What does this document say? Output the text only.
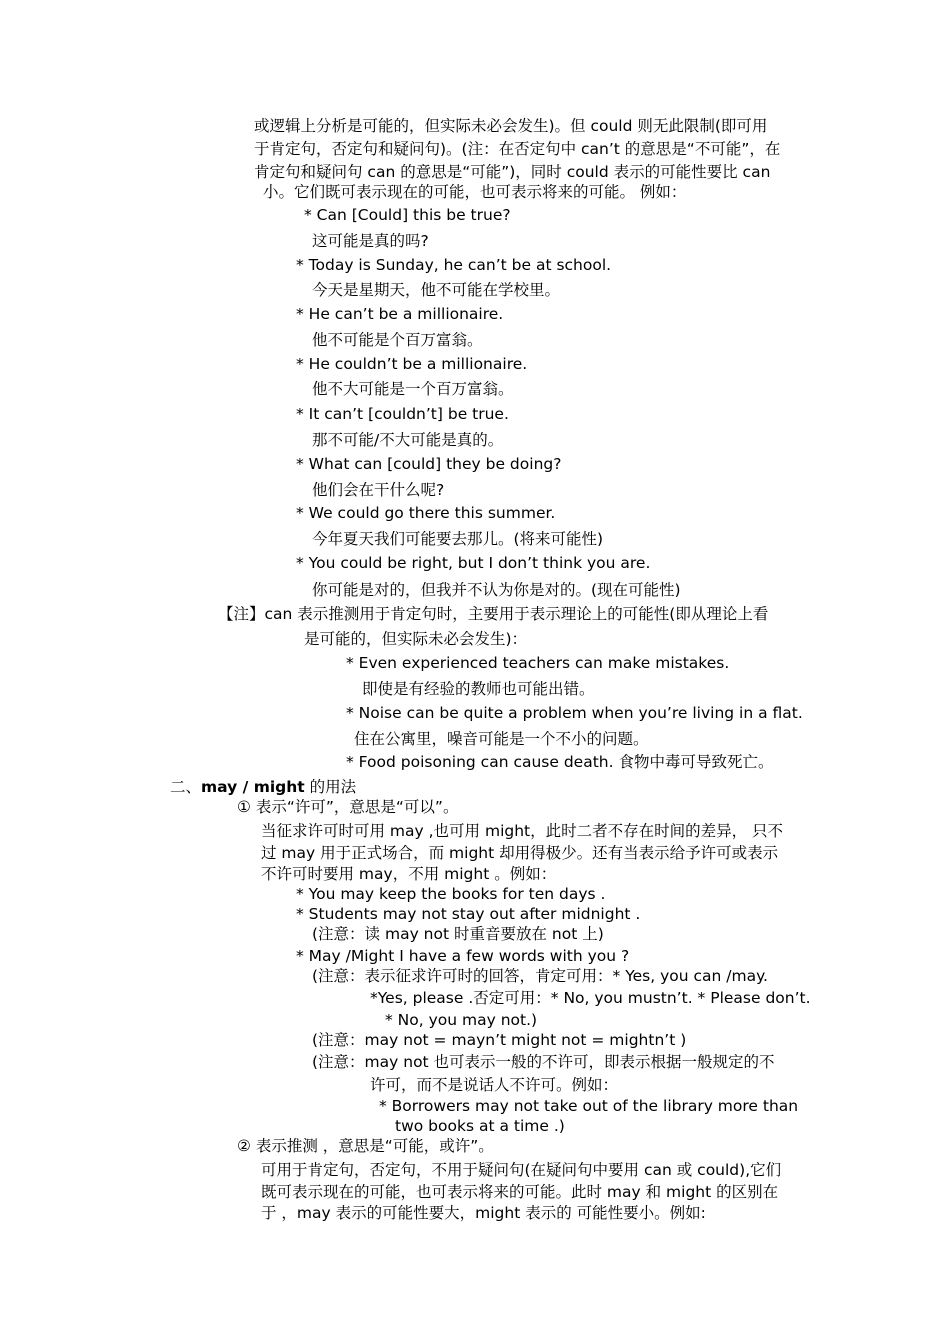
或逻辑上分析是可能的，但实际未必会发生)。但 could 则无此限制(即可用
于肯定句，否定句和疑问句)。(注：在否定句中 can’t 的意思是“不可能”，在
肯定句和疑问句 can 的意思是“可能”)，同时 could 表示的可能性要比 can
小。它们既可表示现在的可能，也可表示将来的可能。 例如：
* Can [Could] this be true?
这可能是真的吗?
* Today is Sunday, he can’t be at school.
今天是星期天，他不可能在学校里。
* He can’t be a millionaire.
他不可能是个百万富翁。
* He couldn’t be a millionaire.
他不大可能是一个百万富翁。
* It can’t [couldn’t] be true.
那不可能/不大可能是真的。
* What can [could] they be doing?
他们会在干什么呢?
* We could go there this summer.
今年夏天我们可能要去那儿。(将来可能性)
* You could be right, but I don’t think you are.
你可能是对的，但我并不认为你是对的。(现在可能性)
【注】can 表示推测用于肯定句时，主要用于表示理论上的可能性(即从理论上看
是可能的，但实际未必会发生)：
* Even experienced teachers can make mistakes.
即使是有经验的教师也可能出错。
* Noise can be quite a problem when you’re living in a flat.
住在公寓里，噪音可能是一个不小的问题。
* Food poisoning can cause death. 食物中毒可导致死亡。
二、may / might 的用法
① 表示“许可”，意思是“可以”。
当征求许可时可用 may ,也可用 might，此时二者不存在时间的差异， 只不
过 may 用于正式场合，而 might 却用得极少。还有当表示给予许可或表示
不许可时要用 may，不用 might 。例如：
* You may keep the books for ten days .
* Students may not stay out after midnight .
(注意：读 may not 时重音要放在 not 上)
* May /Might I have a few words with you ?
(注意：表示征求许可时的回答，肯定可用：* Yes, you can /may.
*Yes, please .否定可用：* No, you mustn’t. * Please don’t.
* No, you may not.)
(注意：may not = mayn’t might not = mightn’t )
(注意：may not 也可表示一般的不许可，即表示根据一般规定的不
许可，而不是说话人不许可。例如：
* Borrowers may not take out of the library more than
two books at a time .)
② 表示推测 ，意思是“可能，或许”。
可用于肯定句，否定句，不用于疑问句(在疑问句中要用 can 或 could),它们
既可表示现在的可能，也可表示将来的可能。此时 may 和 might 的区别在
于 ，may 表示的可能性要大，might 表示的 可能性要小。例如:
